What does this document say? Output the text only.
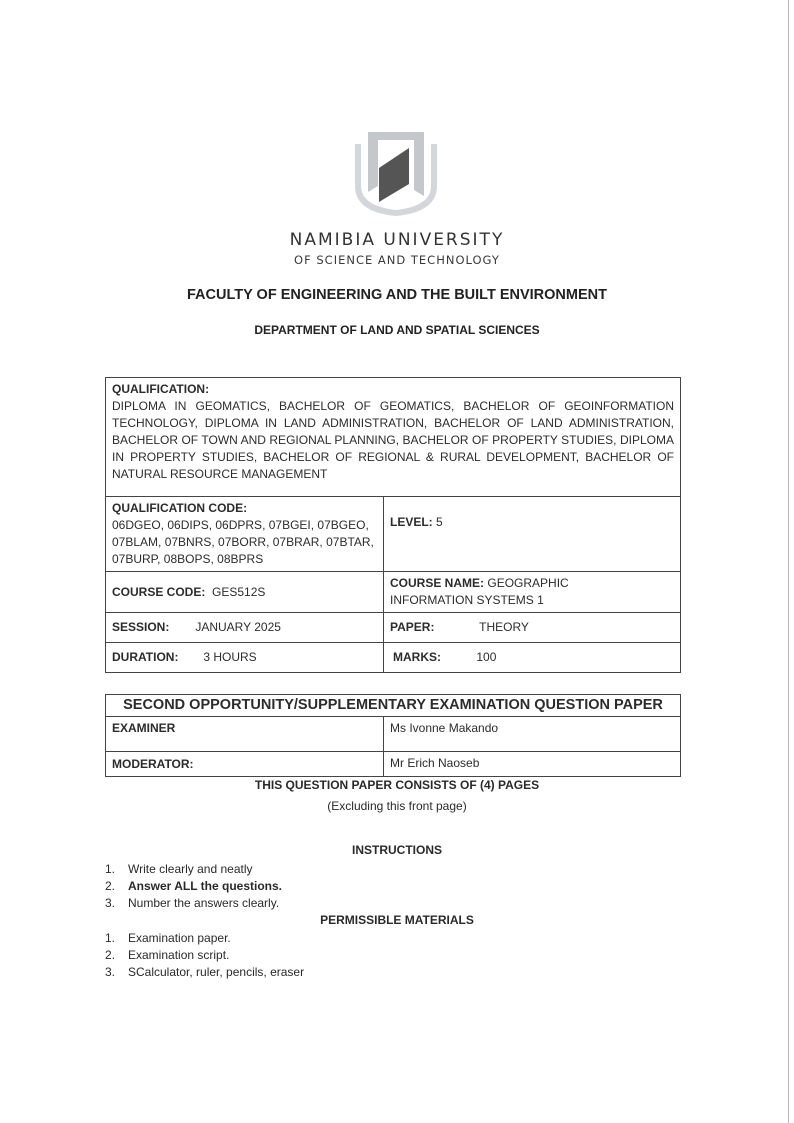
NAMIBIA UNIVERSITY
OF SCIENCE AND TECHNOLOGY
FACULTY OF ENGINEERING AND THE BUILT ENVIRONMENT
DEPARTMENT OF LAND AND SPATIAL SCIENCES
QUALIFICATION:
DIPLOMA IN GEOMATICS, BACHELOR OF GEOMATICS, BACHELOR OF GEOINFORMATION TECHNOLOGY, DIPLOMA IN LAND ADMINISTRATION, BACHELOR OF LAND ADMINISTRATION, BACHELOR OF TOWN AND REGIONAL PLANNING, BACHELOR OF PROPERTY STUDIES, DIPLOMA IN PROPERTY STUDIES, BACHELOR OF REGIONAL & RURAL DEVELOPMENT, BACHELOR OF NATURAL RESOURCE MANAGEMENT	

QUALIFICATION CODE:
06DGEO, 06DIPS, 06DPRS, 07BGEI, 07BGEO,
07BLAM, 07BNRS, 07BORR, 07BRAR, 07BTAR,
07BURP, 08BOPS, 08BPRS	LEVEL: 5
COURSE CODE: GES512S	COURSE NAME: GEOGRAPHIC
INFORMATION SYSTEMS 1
SESSION: JANUARY 2025	PAPER: THEORY
DURATION: 3 HOURS	MARKS: 100
SECOND OPPORTUNITY/SUPPLEMENTARY EXAMINATION QUESTION PAPER	
EXAMINER	Ms Ivonne Makando
MODERATOR:	Mr Erich Naoseb
THIS QUESTION PAPER CONSISTS OF (4) PAGES
(Excluding this front page)
INSTRUCTIONS
1.	Write clearly and neatly
2.	Answer ALL the questions.
3.	Number the answers clearly.
PERMISSIBLE MATERIALS
1.	Examination paper.
2.	Examination script.
3.	SCalculator, ruler, pencils, eraser
